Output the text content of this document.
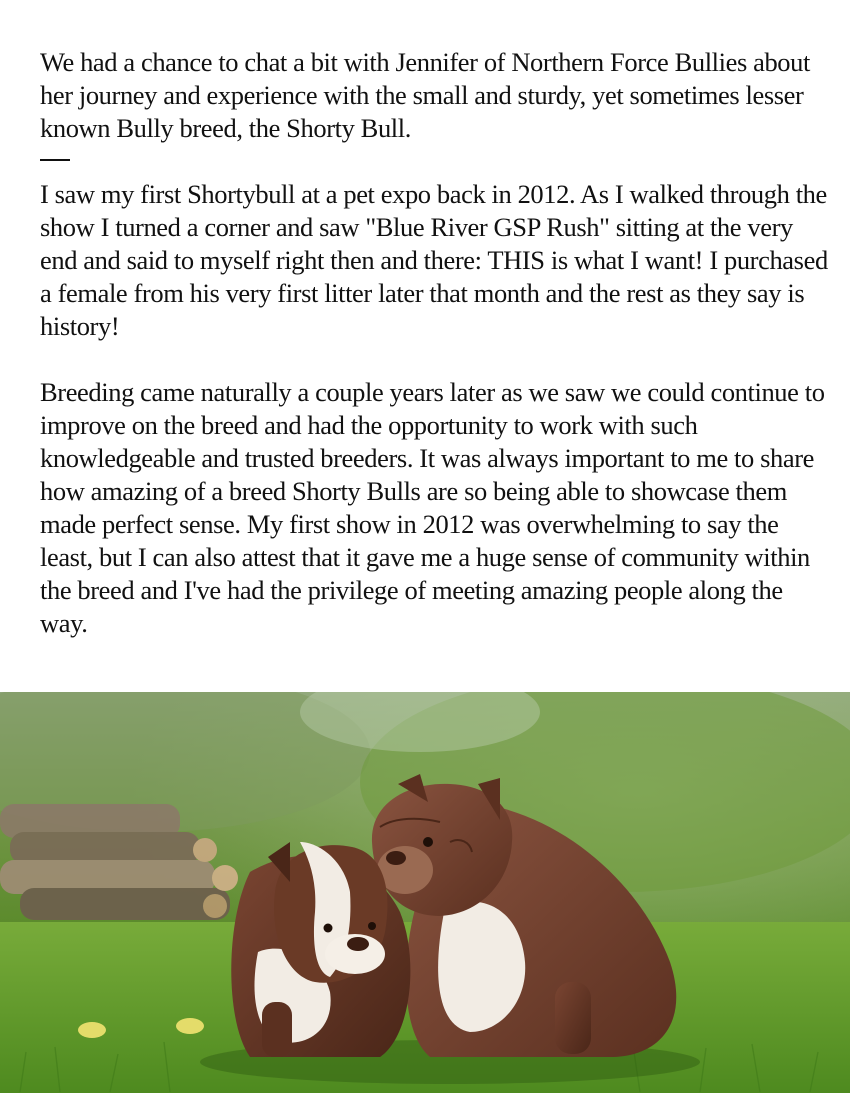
We had a chance to chat a bit with Jennifer of Northern Force Bullies about her journey and experience with the small and sturdy, yet sometimes lesser known Bully breed, the Shorty Bull.

I saw my first Shortybull at a pet expo back in 2012. As I walked through the show I turned a corner and saw "Blue River GSP Rush" sitting at the very end and said to myself right then and there: THIS is what I want! I purchased a female from his very first litter later that month and the rest as they say is history!

Breeding came naturally a couple years later as we saw we could continue to improve on the breed and had the opportunity to work with such knowledgeable and trusted breeders. It was always important to me to share how amazing of a breed Shorty Bulls are so being able to showcase them made perfect sense. My first show in 2012 was overwhelming to say the least, but I can also attest that it gave me a huge sense of community within the breed and I've had the privilege of meeting amazing people along the way.
